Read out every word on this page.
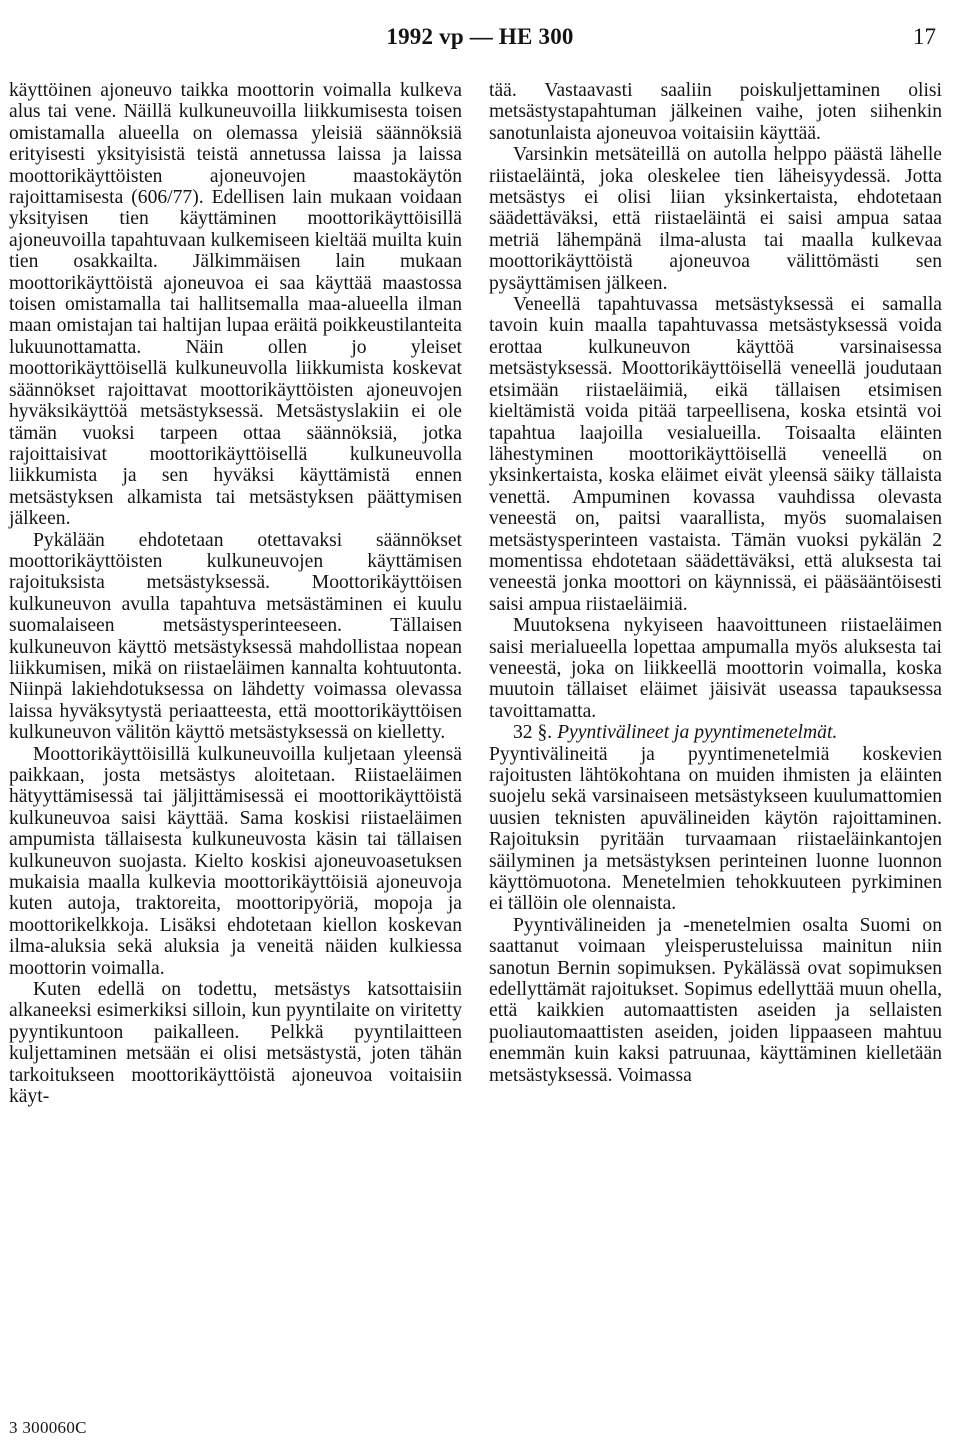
1992 vp — HE 300	17

käyttöinen ajoneuvo taikka moottorin voimalla kulkeva alus tai vene. Näillä kulkuneuvoilla liikkumisesta toisen omistamalla alueella on olemassa yleisiä säännöksiä erityisesti yksityisistä teistä annetussa laissa ja laissa moottorikäyttöisten ajoneuvojen maastokäytön rajoittamisesta (606/77). Edellisen lain mukaan voidaan yksityisen tien käyttäminen moottorikäyttöisillä ajoneuvoilla tapahtuvaan kulkemiseen kieltää muilta kuin tien osakkailta. Jälkimmäisen lain mukaan moottorikäyttöistä ajoneuvoa ei saa käyttää maastossa toisen omistamalla tai hallitsemalla maa-alueella ilman maan omistajan tai haltijan lupaa eräitä poikkeustilanteita lukuunottamatta. Näin ollen jo yleiset moottorikäyttöisellä kulkuneuvolla liikkumista koskevat säännökset rajoittavat moottorikäyttöisten ajoneuvojen hyväksikäyttöä metsästyksessä. Metsästyslakiin ei ole tämän vuoksi tarpeen ottaa säännöksiä, jotka rajoittaisivat moottorikäyttöisellä kulkuneuvolla liikkumista ja sen hyväksi käyttämistä ennen metsästyksen alkamista tai metsästyksen päättymisen jälkeen.

Pykälään ehdotetaan otettavaksi säännökset moottorikäyttöisten kulkuneuvojen käyttämisen rajoituksista metsästyksessä. Moottorikäyttöisen kulkuneuvon avulla tapahtuva metsästäminen ei kuulu suomalaiseen metsästysperinteeseen. Tällaisen kulkuneuvon käyttö metsästyksessä mahdollistaa nopean liikkumisen, mikä on riistaeläimen kannalta kohtuutonta. Niinpä lakiehdotuksessa on lähdetty voimassa olevassa laissa hyväksytystä periaatteesta, että moottorikäyttöisen kulkuneuvon välitön käyttö metsästyksessä on kielletty.

Moottorikäyttöisillä kulkuneuvoilla kuljetaan yleensä paikkaan, josta metsästys aloitetaan. Riistaeläimen hätyyttämisessä tai jäljittämisessä ei moottorikäyttöistä kulkuneuvoa saisi käyttää. Sama koskisi riistaeläimen ampumista tällaisesta kulkuneuvosta käsin tai tällaisen kulkuneuvon suojasta. Kielto koskisi ajoneuvoasetuksen mukaisia maalla kulkevia moottorikäyttöisiä ajoneuvoja kuten autoja, traktoreita, moottoripyöriä, mopoja ja moottorikelkkoja. Lisäksi ehdotetaan kiellon koskevan ilma-aluksia sekä aluksia ja veneitä näiden kulkiessa moottorin voimalla.

Kuten edellä on todettu, metsästys katsottaisiin alkaneeksi esimerkiksi silloin, kun pyyntilaite on viritetty pyyntikuntoon paikalleen. Pelkkä pyyntilaitteen kuljettaminen metsään ei olisi metsästystä, joten tähän tarkoitukseen moottorikäyttöistä ajoneuvoa voitaisiin käyt-

tää. Vastaavasti saaliin poiskuljettaminen olisi metsästystapahtuman jälkeinen vaihe, joten siihenkin sanotunlaista ajoneuvoa voitaisiin käyttää.

Varsinkin metsäteillä on autolla helppo päästä lähelle riistaeläintä, joka oleskelee tien läheisyydessä. Jotta metsästys ei olisi liian yksinkertaista, ehdotetaan säädettäväksi, että riistaeläintä ei saisi ampua sataa metriä lähempänä ilma-alusta tai maalla kulkevaa moottorikäyttöistä ajoneuvoa välittömästi sen pysäyttämisen jälkeen.

Veneellä tapahtuvassa metsästyksessä ei samalla tavoin kuin maalla tapahtuvassa metsästyksessä voida erottaa kulkuneuvon käyttöä varsinaisessa metsästyksessä. Moottorikäyttöisellä veneellä joudutaan etsimään riistaeläimiä, eikä tällaisen etsimisen kieltämistä voida pitää tarpeellisena, koska etsintä voi tapahtua laajoilla vesialueilla. Toisaalta eläinten lähestyminen moottorikäyttöisellä veneellä on yksinkertaista, koska eläimet eivät yleensä säiky tällaista venettä. Ampuminen kovassa vauhdissa olevasta veneestä on, paitsi vaarallista, myös suomalaisen metsästysperinteen vastaista. Tämän vuoksi pykälän 2 momentissa ehdotetaan säädettäväksi, että aluksesta tai veneestä jonka moottori on käynnissä, ei pääsääntöisesti saisi ampua riistaeläimiä.

Muutoksena nykyiseen haavoittuneen riistaeläimen saisi merialueella lopettaa ampumalla myös aluksesta tai veneestä, joka on liikkeellä moottorin voimalla, koska muutoin tällaiset eläimet jäisivät useassa tapauksessa tavoittamatta.

32 §. Pyyntivälineet ja pyyntimenetelmät.

Pyyntivälineitä ja pyyntimenetelmiä koskevien rajoitusten lähtökohtana on muiden ihmisten ja eläinten suojelu sekä varsinaiseen metsästykseen kuulumattomien uusien teknisten apuvälineiden käytön rajoittaminen. Rajoituksin pyritään turvaamaan riistaeläinkantojen säilyminen ja metsästyksen perinteinen luonne luonnon käyttömuotona. Menetelmien tehokkuuteen pyrkiminen ei tällöin ole olennaista.

Pyyntivälineiden ja -menetelmien osalta Suomi on saattanut voimaan yleisperusteluissa mainitun niin sanotun Bernin sopimuksen. Pykälässä ovat sopimuksen edellyttämät rajoitukset. Sopimus edellyttää muun ohella, että kaikkien automaattisten aseiden ja sellaisten puoliautomaattisten aseiden, joiden lippaaseen mahtuu enemmän kuin kaksi patruunaa, käyttäminen kielletään metsästyksessä. Voimassa

3 300060C
